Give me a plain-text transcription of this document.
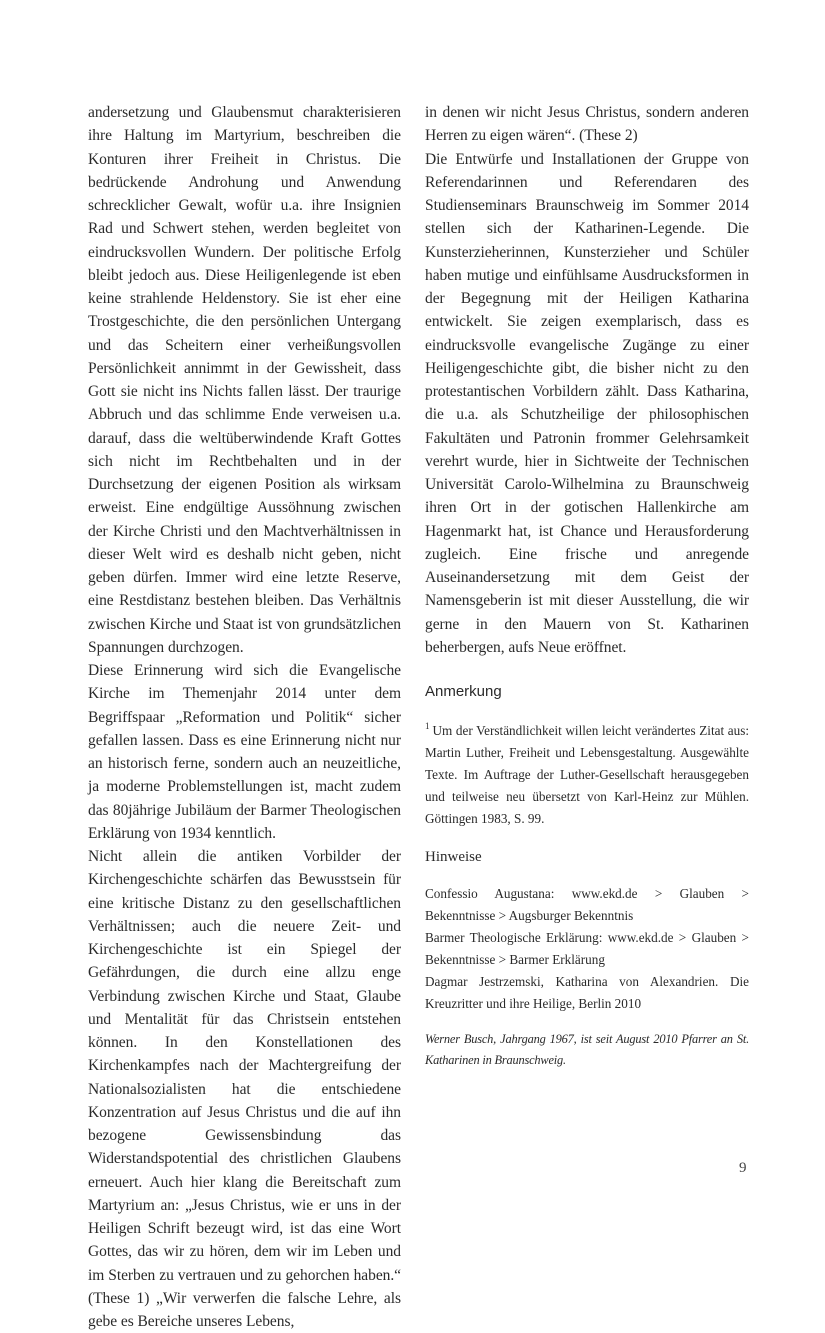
andersetzung und Glaubensmut charakterisieren ihre Haltung im Martyrium, beschreiben die Konturen ihrer Freiheit in Christus. Die bedrückende Androhung und Anwendung schrecklicher Gewalt, wofür u.a. ihre Insignien Rad und Schwert stehen, werden begleitet von eindrucksvollen Wundern. Der politische Erfolg bleibt jedoch aus. Diese Heiligenlegende ist eben keine strahlende Heldenstory. Sie ist eher eine Trostgeschichte, die den persönlichen Untergang und das Scheitern einer verheißungsvollen Persönlichkeit annimmt in der Gewissheit, dass Gott sie nicht ins Nichts fallen lässt. Der traurige Abbruch und das schlimme Ende verweisen u.a. darauf, dass die weltüberwindende Kraft Gottes sich nicht im Rechtbehalten und in der Durchsetzung der eigenen Position als wirksam erweist. Eine endgültige Aussöhnung zwischen der Kirche Christi und den Machtverhältnissen in dieser Welt wird es deshalb nicht geben, nicht geben dürfen. Immer wird eine letzte Reserve, eine Restdistanz bestehen bleiben. Das Verhältnis zwischen Kirche und Staat ist von grundsätzlichen Spannungen durchzogen.

Diese Erinnerung wird sich die Evangelische Kirche im Themenjahr 2014 unter dem Begriffspaar „Reformation und Politik“ sicher gefallen lassen. Dass es eine Erinnerung nicht nur an historisch ferne, sondern auch an neuzeitliche, ja moderne Problemstellungen ist, macht zudem das 80jährige Jubiläum der Barmer Theologischen Erklärung von 1934 kenntlich.

Nicht allein die antiken Vorbilder der Kirchengeschichte schärfen das Bewusstsein für eine kritische Distanz zu den gesellschaftlichen Verhältnissen; auch die neuere Zeit- und Kirchengeschichte ist ein Spiegel der Gefährdungen, die durch eine allzu enge Verbindung zwischen Kirche und Staat, Glaube und Mentalität für das Christsein entstehen können. In den Konstellationen des Kirchenkampfes nach der Machtergreifung der Nationalsozialisten hat die entschiedene Konzentration auf Jesus Christus und die auf ihn bezogene Gewissensbindung das Widerstandspotential des christlichen Glaubens erneuert. Auch hier klang die Bereitschaft zum Martyrium an: „Jesus Christus, wie er uns in der Heiligen Schrift bezeugt wird, ist das eine Wort Gottes, das wir zu hören, dem wir im Leben und im Sterben zu vertrauen und zu gehorchen haben.“ (These 1) „Wir verwerfen die falsche Lehre, als gebe es Bereiche unseres Lebens,

in denen wir nicht Jesus Christus, sondern anderen Herren zu eigen wären“. (These 2)

Die Entwürfe und Installationen der Gruppe von Referendarinnen und Referendaren des Studienseminars Braunschweig im Sommer 2014 stellen sich der Katharinen-Legende. Die Kunsterzieherinnen, Kunsterzieher und Schüler haben mutige und einfühlsame Ausdrucksformen in der Begegnung mit der Heiligen Katharina entwickelt. Sie zeigen exemplarisch, dass es eindrucksvolle evangelische Zugänge zu einer Heiligengeschichte gibt, die bisher nicht zu den protestantischen Vorbildern zählt. Dass Katharina, die u.a. als Schutzheilige der philosophischen Fakultäten und Patronin frommer Gelehrsamkeit verehrt wurde, hier in Sichtweite der Technischen Universität Carolo-Wilhelmina zu Braunschweig ihren Ort in der gotischen Hallenkirche am Hagenmarkt hat, ist Chance und Herausforderung zugleich. Eine frische und anregende Auseinandersetzung mit dem Geist der Namensgeberin ist mit dieser Ausstellung, die wir gerne in den Mauern von St. Katharinen beherbergen, aufs Neue eröffnet.

Anmerkung
$^1$ Um der Verständlichkeit willen leicht verändertes Zitat aus: Martin Luther, Freiheit und Lebensgestaltung. Ausgewählte Texte. Im Auftrage der Luther-Gesellschaft herausgegeben und teilweise neu übersetzt von Karl-Heinz zur Mühlen. Göttingen 1983, S. 99.
Hinweise
Confessio Augustana: www.ekd.de > Glauben > Bekenntnisse > Augsburger Bekenntnis
Barmer Theologische Erklärung: www.ekd.de > Glauben > Bekenntnisse > Barmer Erklärung
Dagmar Jestrzemski, Katharina von Alexandrien. Die Kreuzritter und ihre Heilige, Berlin 2010
Werner Busch, Jahrgang 1967, ist seit August 2010 Pfarrer an St. Katharinen in Braunschweig.
9
